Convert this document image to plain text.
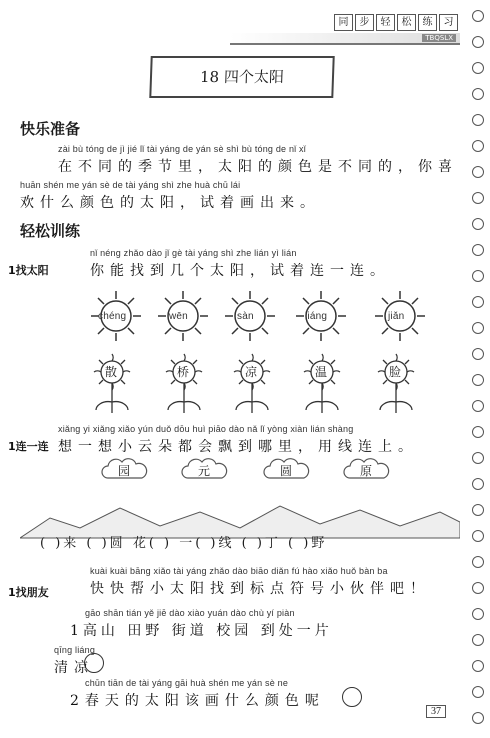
同	步	轻	松	练	习
TBQSLX
18 四个太阳
快乐准备
zài bù tóng de jì jié lǐ tài yáng de yán sè shì bù tóng de nǐ xǐ
在不同的季节里，太阳的颜色是不同的，你喜
huān shén me yán sè de tài yáng shì zhe huà chū lái
欢什么颜色的太阳，试着画出来。
轻松训练
1找太阳
nǐ néng zhǎo dào jǐ gè tài yáng shì zhe lián yì lián
你能找到几个太阳，试着连一连。
chéng	wēn	sàn	liáng	jiǎn
散	桥	凉	温	脸
1连一连
xiǎng yi xiǎng xiǎo yún duǒ dōu huì piāo dào nǎ lǐ yòng xiàn lián shàng
想一想小云朵都会飘到哪里，用线连上。
园	元	圆	原
( )来 ( )圆 花( ) 一( )线 ( )丁 ( )野
1找朋友
kuài kuài bāng xiǎo tài yáng zhǎo dào biāo diǎn fú hào xiǎo huǒ bàn ba
快快帮小太阳找到标点符号小伙伴吧！
gāo shān tián yě jiē dào xiào yuán dào chù yí piàn
1高山 田野 街道 校园 到处一片
qīng liáng
清凉
chūn tiān de tài yáng gāi huà shén me yán sè ne
2春天的太阳该画什么颜色呢
37
